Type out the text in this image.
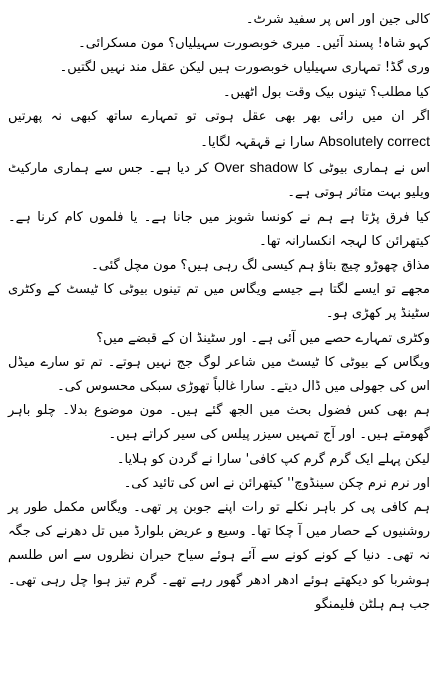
کالی جین اور اس پر سفید شرٹ۔

کہو شاہ! پسند آئیں۔ میری خوبصورت سہیلیاں؟ مون مسکرائی۔

وری گڈ! تمہاری سہیلیاں خوبصورت ہیں لیکن عقل مند نہیں لگتیں۔

کیا مطلب؟ تینوں بیک وقت بول اٹھیں۔

اگر ان میں رائی بھر بھی عقل ہوتی تو تمہارے ساتھ کبھی نہ پھرتیں Absolutely correct سارا نے قہقہہ لگایا۔

اس نے ہماری بیوٹی کا Over shadow کر دیا ہے۔ جس سے ہماری مارکیٹ ویلیو بہت متاثر ہوتی ہے۔

کیا فرق پڑتا ہے ہم نے کونسا شوبز میں جانا ہے۔ یا فلموں کام کرنا ہے۔ کیتھرائن کا لہجہ انکسارانہ تھا۔

مذاق چھوڑو چیچ بتاؤ ہم کیسی لگ رہی ہیں؟ مون مچل گئی۔

مجھے تو ایسے لگتا ہے جیسے ویگاس میں تم تینوں بیوٹی کا ٹیسٹ کے وکٹری سٹینڈ پر کھڑی ہو۔

وکٹری تمہارے حصے میں آئی ہے۔ اور سٹینڈ ان کے قبضے میں؟

ویگاس کے بیوٹی کا ٹیسٹ میں شاعر لوگ جج نہیں ہوتے۔ تم تو سارے میڈل اس کی جھولی میں ڈال دیتے۔ سارا غالباً تھوڑی سبکی محسوس کی۔

ہم بھی کس فضول بحث میں الجھ گئے ہیں۔ مون موضوع بدلا۔ چلو باہر گھومتے ہیں۔ اور آج تمہیں سیزر پیلس کی سیر کراتے ہیں۔

لیکن پہلے ایک گرم گرم کپ کافی' سارا نے گردن کو ہلایا۔

اور نرم نرم چکن سینڈوچ'' کیتھرائن نے اس کی تائید کی۔

ہم کافی پی کر باہر نکلے تو رات اپنے جوبن پر تھی۔ ویگاس مکمل طور پر روشنیوں کے حصار میں آ چکا تھا۔ وسیع و عریض بلوارڈ میں تل دھرنے کی جگہ نہ تھی۔ دنیا کے کونے کونے سے آئے ہوئے سیاح حیران نظروں سے اس طلسم ہوشربا کو دیکھتے ہوئے ادھر ادھر گھور رہے تھے۔ گرم تیز ہوا چل رہی تھی۔ جب ہم ہلٹن فلیمنگو
